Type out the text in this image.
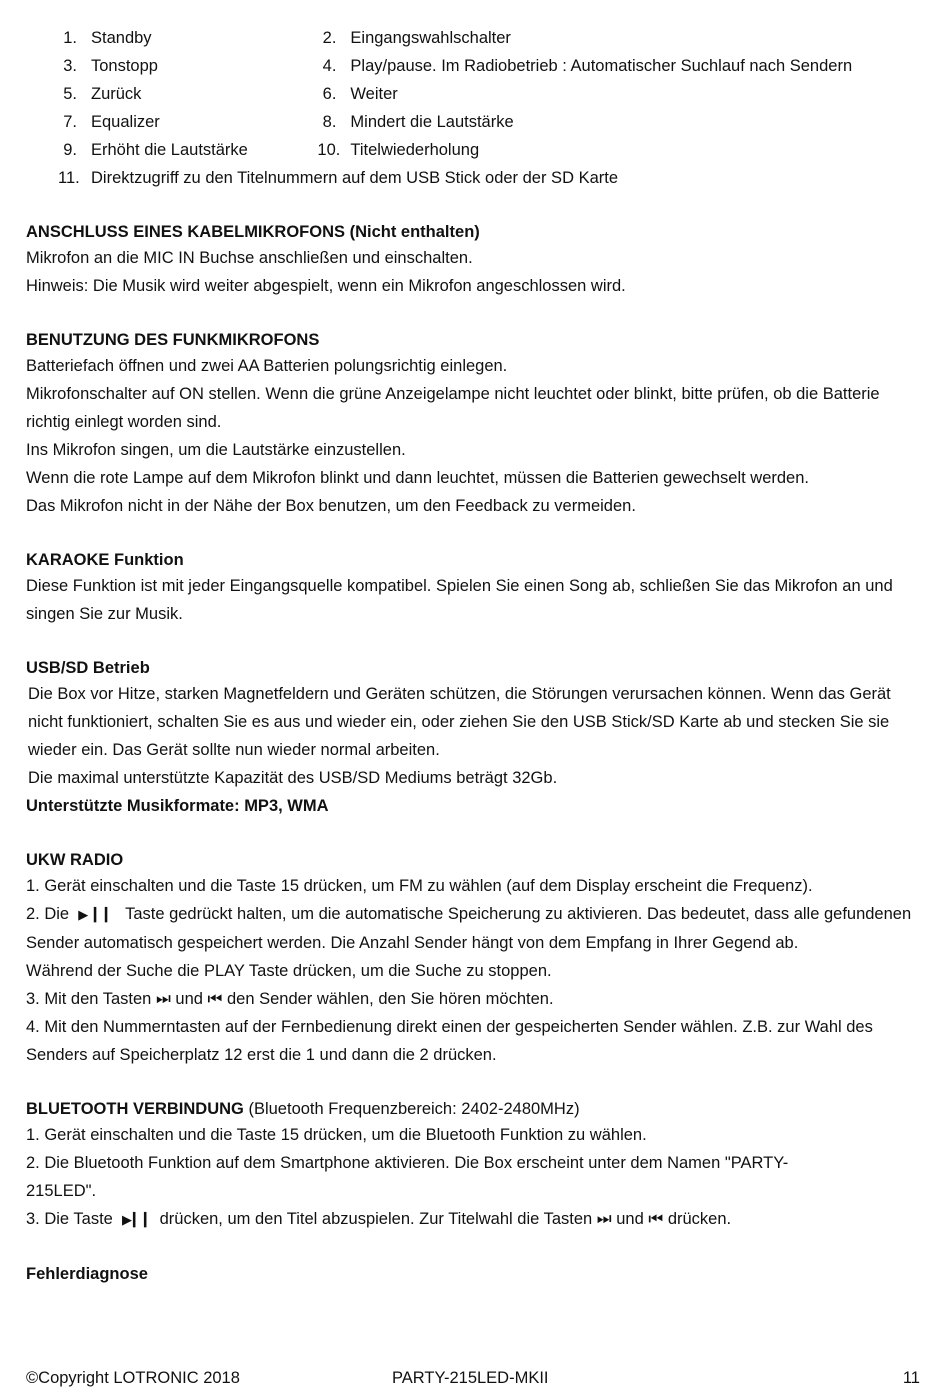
1. Standby	2. Eingangswahlschalter
3. Tonstopp	4. Play/pause. Im Radiobetrieb : Automatischer Suchlauf nach Sendern
5. Zurück	6. Weiter
7. Equalizer	8. Mindert die Lautstärke
9. Erhöht die Lautstärke	10. Titelwiederholung
11. Direktzugriff zu den Titelnummern auf dem USB Stick oder der SD Karte
ANSCHLUSS EINES KABELMIKROFONS (Nicht enthalten)

Mikrofon an die MIC IN Buchse anschließen und einschalten.

Hinweis: Die Musik wird weiter abgespielt, wenn ein Mikrofon angeschlossen wird.

BENUTZUNG DES FUNKMIKROFONS

Batteriefach öffnen und zwei AA Batterien polungsrichtig einlegen.

Mikrofonschalter auf ON stellen. Wenn die grüne Anzeigelampe nicht leuchtet oder blinkt, bitte prüfen, ob die Batterie richtig einlegt worden sind.

Ins Mikrofon singen, um die Lautstärke einzustellen.

Wenn die rote Lampe auf dem Mikrofon blinkt und dann leuchtet, müssen die Batterien gewechselt werden.

Das Mikrofon nicht in der Nähe der Box benutzen, um den Feedback zu vermeiden.

KARAOKE Funktion

Diese Funktion ist mit jeder Eingangsquelle kompatibel. Spielen Sie einen Song ab, schließen Sie das Mikrofon an und singen Sie zur Musik.

USB/SD Betrieb

Die Box vor Hitze, starken Magnetfeldern und Geräten schützen, die Störungen verursachen können. Wenn das Gerät nicht funktioniert, schalten Sie es aus und wieder ein, oder ziehen Sie den USB Stick/SD Karte ab und stecken Sie sie wieder ein. Das Gerät sollte nun wieder normal arbeiten.

Die maximal unterstützte Kapazität des USB/SD Mediums beträgt 32Gb.

Unterstützte Musikformate: MP3, WMA

UKW RADIO

1. Gerät einschalten und die Taste 15 drücken, um FM zu wählen (auf dem Display erscheint die Frequenz).

2. Die ▶ ▎▎ Taste gedrückt halten, um die automatische Speicherung zu aktivieren. Das bedeutet, dass alle gefundenen Sender automatisch gespeichert werden. Die Anzahl Sender hängt von dem Empfang in Ihrer Gegend ab.

Während der Suche die PLAY Taste drücken, um die Suche zu stoppen.

3. Mit den Tasten ⏭ und ⏮ den Sender wählen, den Sie hören möchten.

4. Mit den Nummerntasten auf der Fernbedienung direkt einen der gespeicherten Sender wählen. Z.B. zur Wahl des Senders auf Speicherplatz 12 erst die 1 und dann die 2 drücken.

BLUETOOTH VERBINDUNG (Bluetooth Frequenzbereich: 2402-2480MHz)

1. Gerät einschalten und die Taste 15 drücken, um die Bluetooth Funktion zu wählen.

2. Die Bluetooth Funktion auf dem Smartphone aktivieren. Die Box erscheint unter dem Namen "PARTY-215LED".

3. Die Taste ▶▎▎ drücken, um den Titel abzuspielen. Zur Titelwahl die Tasten ⏭ und ⏮ drücken.

Fehlerdiagnose
©Copyright LOTRONIC 2018	PARTY-215LED-MKII	11
